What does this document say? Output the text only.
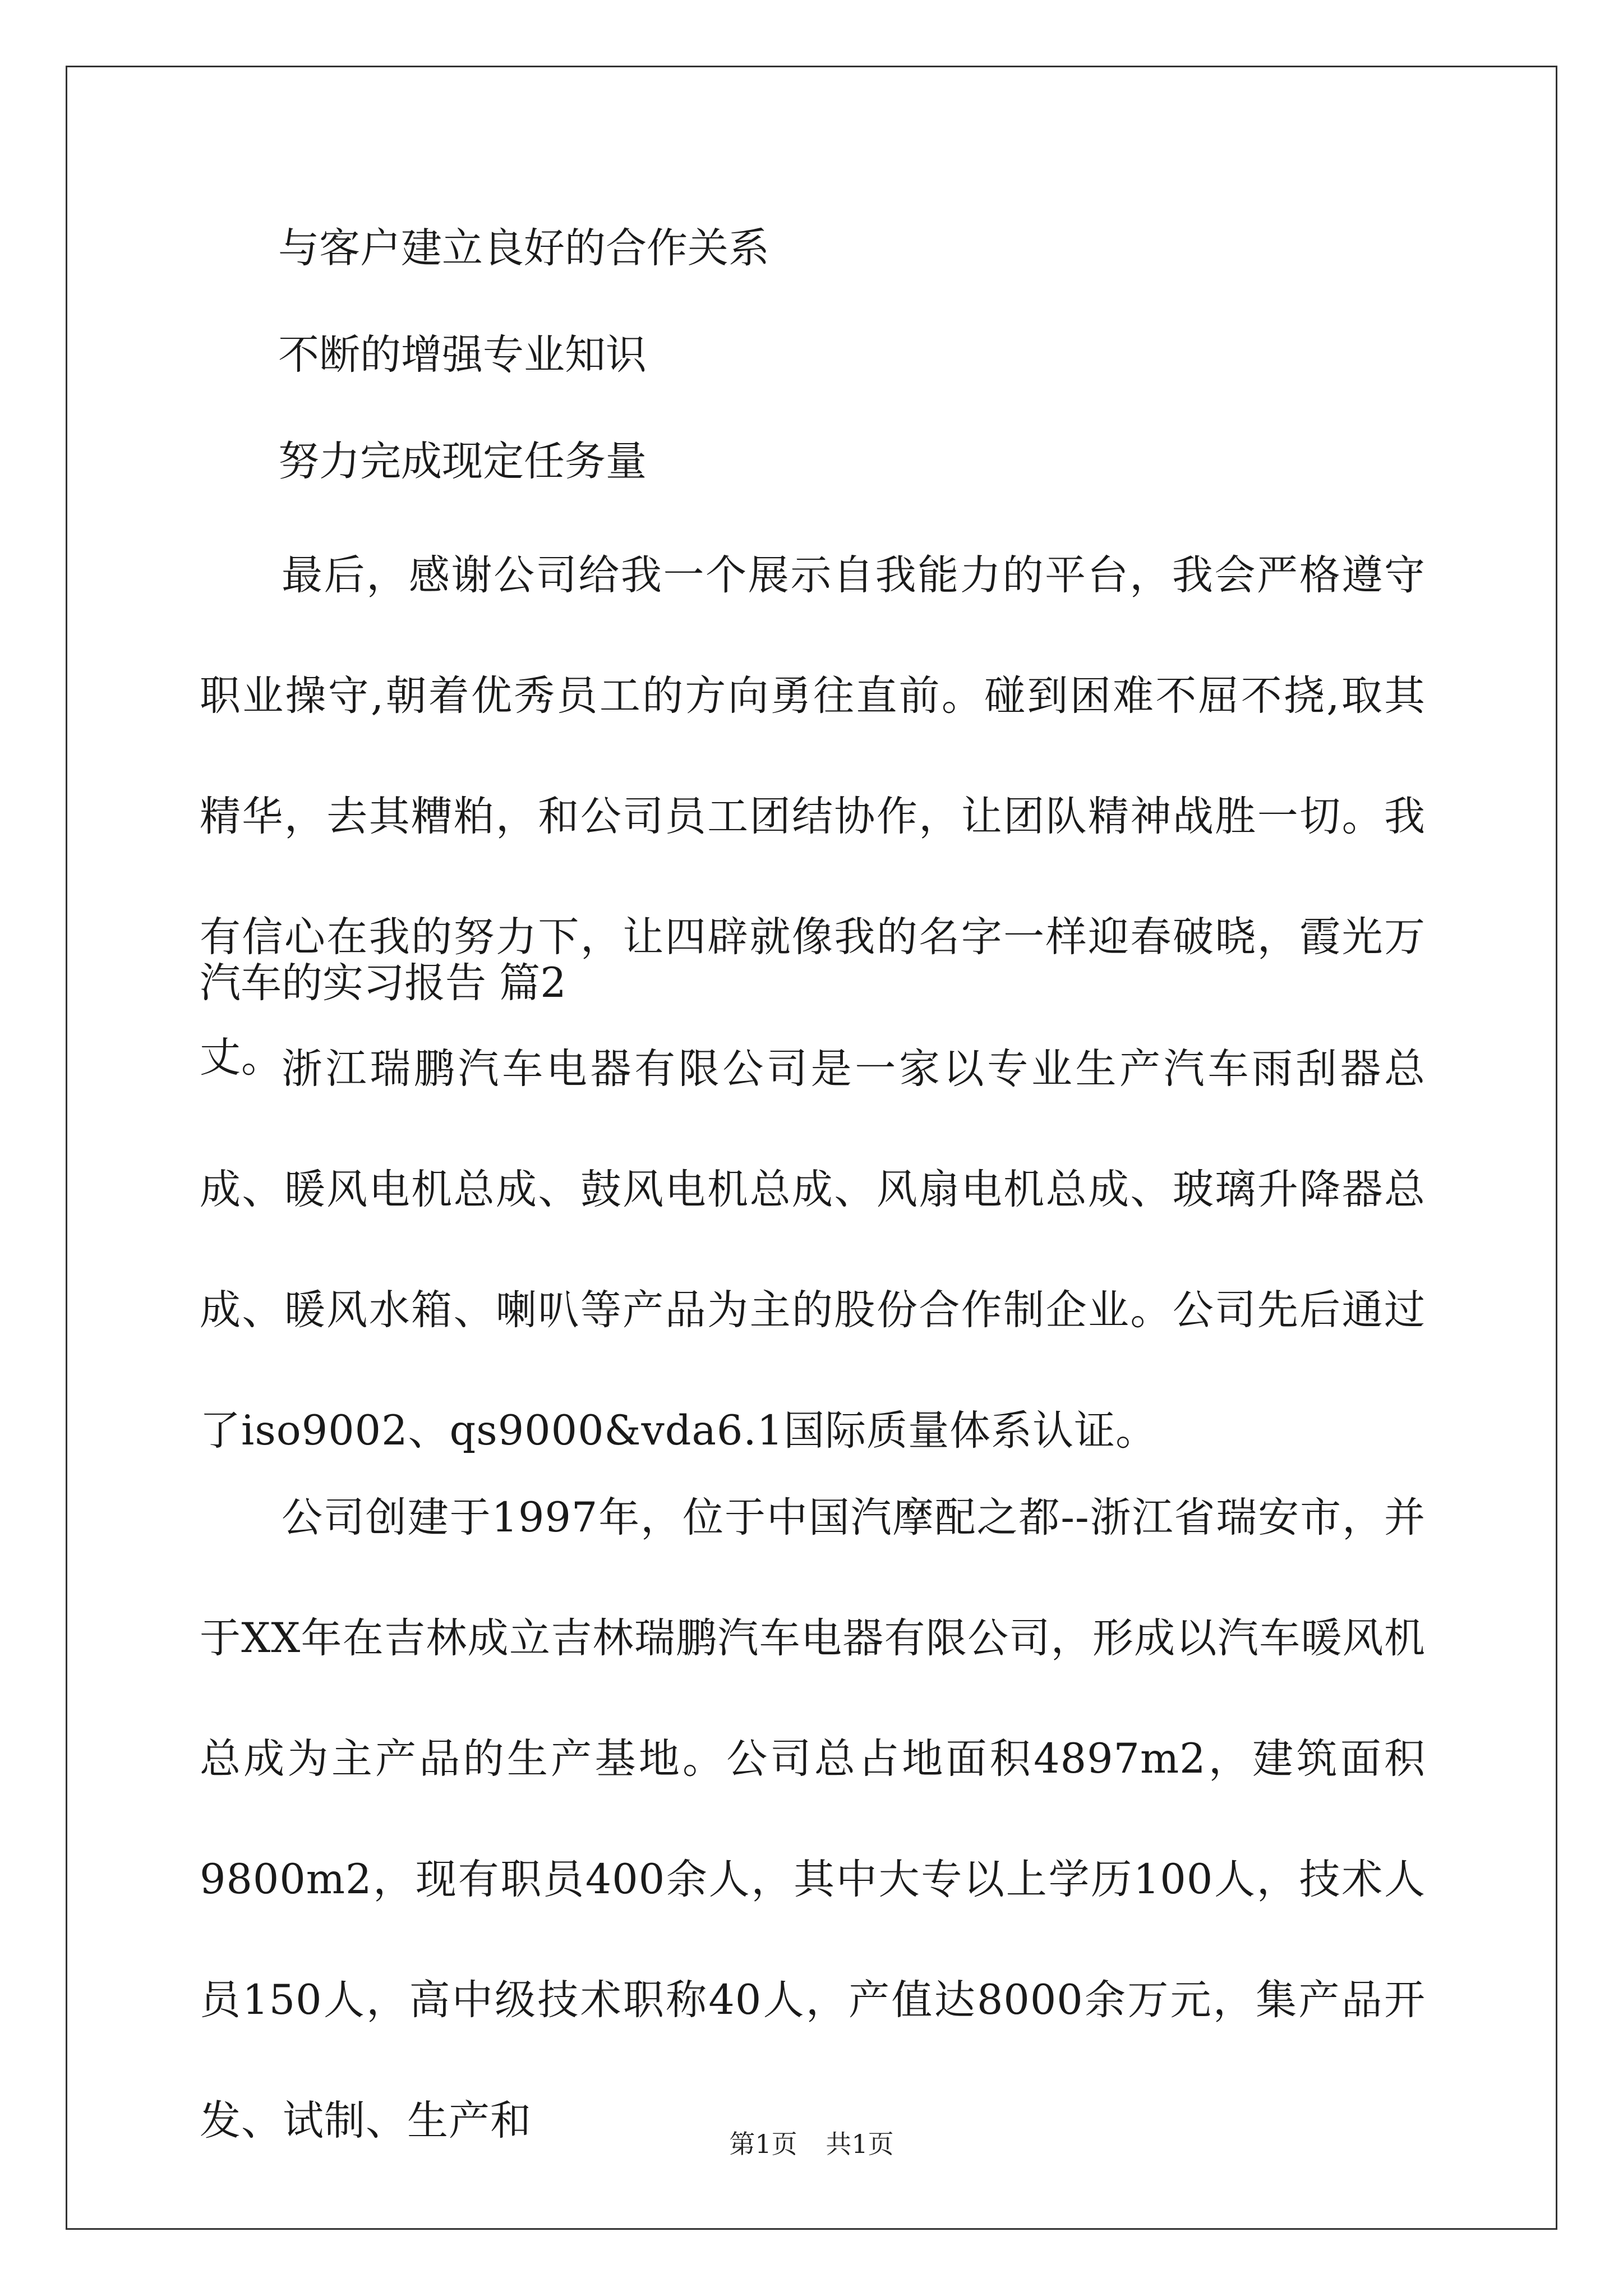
与客户建立良好的合作关系
不断的增强专业知识
努力完成现定任务量
最后，感谢公司给我一个展示自我能力的平台，我会严格遵守职业操守,朝着优秀员工的方向勇往直前。碰到困难不屈不挠,取其精华，去其糟粕，和公司员工团结协作，让团队精神战胜一切。我有信心在我的努力下，让四辟就像我的名字一样迎春破晓，霞光万丈。
汽车的实习报告 篇2
浙江瑞鹏汽车电器有限公司是一家以专业生产汽车雨刮器总成、暖风电机总成、鼓风电机总成、风扇电机总成、玻璃升降器总成、暖风水箱、喇叭等产品为主的股份合作制企业。公司先后通过了iso9002、qs9000&vda6.1国际质量体系认证。
公司创建于1997年，位于中国汽摩配之都--浙江省瑞安市，并于XX年在吉林成立吉林瑞鹏汽车电器有限公司，形成以汽车暖风机总成为主产品的生产基地。公司总占地面积4897m2，建筑面积9800m2，现有职员400余人，其中大专以上学历100人，技术人员150人，高中级技术职称40人，产值达8000余万元，集产品开发、试制、生产和	第1页 共1页
